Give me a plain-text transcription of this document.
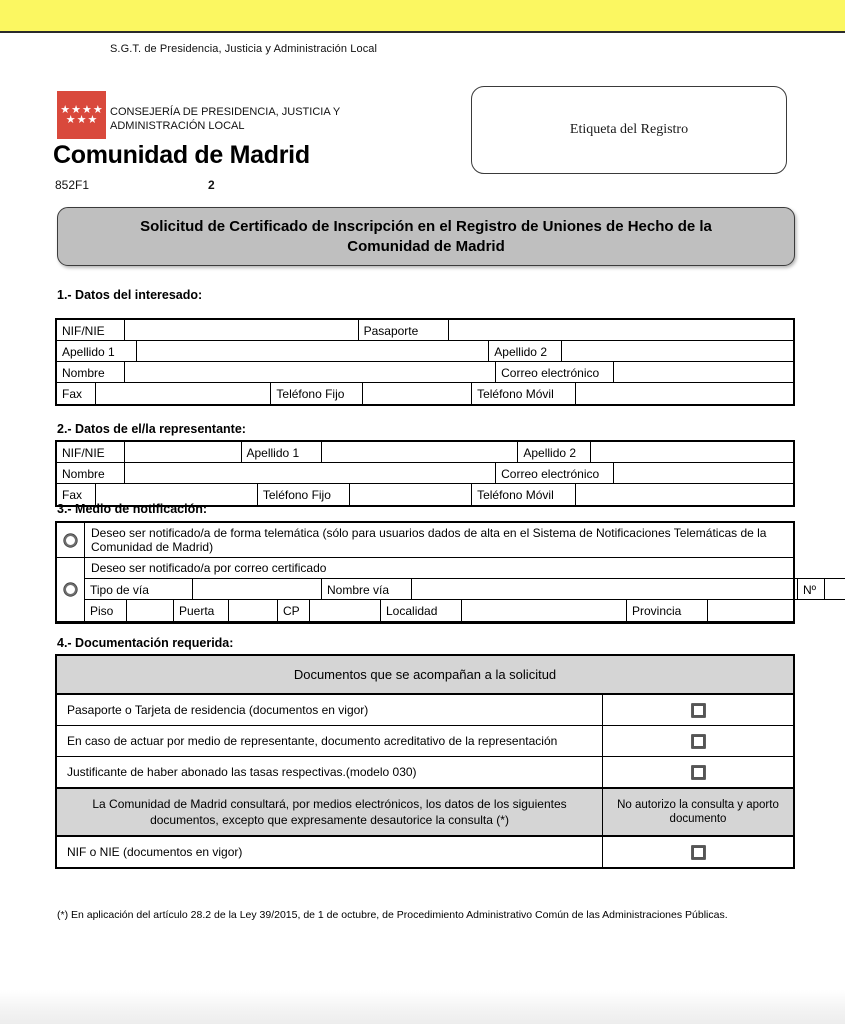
S.G.T. de Presidencia, Justicia y Administración Local
★ ★ ★ ★
★ ★ ★
CONSEJERÍA DE PRESIDENCIA, JUSTICIA Y
ADMINISTRACIÓN LOCAL
Comunidad de Madrid
852F1	2
Etiqueta del Registro
Solicitud de Certificado de Inscripción en el Registro de Uniones de Hecho de la Comunidad de Madrid
1.- Datos del interesado:
NIF/NIE	Pasaporte
Apellido 1	Apellido 2
Nombre	Correo electrónico
Fax	Teléfono Fijo	Teléfono Móvil
2.- Datos de el/la representante:
NIF/NIE	Apellido 1	Apellido 2
Nombre	Correo electrónico
Fax	Teléfono Fijo	Teléfono Móvil
3.- Medio de notificación:
Deseo ser notificado/a de forma telemática (sólo para usuarios dados de alta en el Sistema de Notificaciones Telemáticas de la Comunidad de Madrid)
Deseo ser notificado/a por correo certificado
Tipo de vía	Nombre vía	Nº
Piso	Puerta	CP	Localidad	Provincia
4.- Documentación requerida:
Documentos que se acompañan a la solicitud
Pasaporte o Tarjeta de residencia (documentos en vigor)
En caso de actuar por medio de representante, documento acreditativo de la representación
Justificante de haber abonado las tasas respectivas.(modelo 030)
La Comunidad de Madrid consultará, por medios electrónicos, los datos de los siguientes documentos, excepto que expresamente desautorice la consulta (*)
No autorizo la consulta y aporto documento
NIF o NIE (documentos en vigor)
(*) En aplicación del artículo 28.2 de la Ley 39/2015, de 1 de octubre, de Procedimiento Administrativo Común de las Administraciones Públicas.
